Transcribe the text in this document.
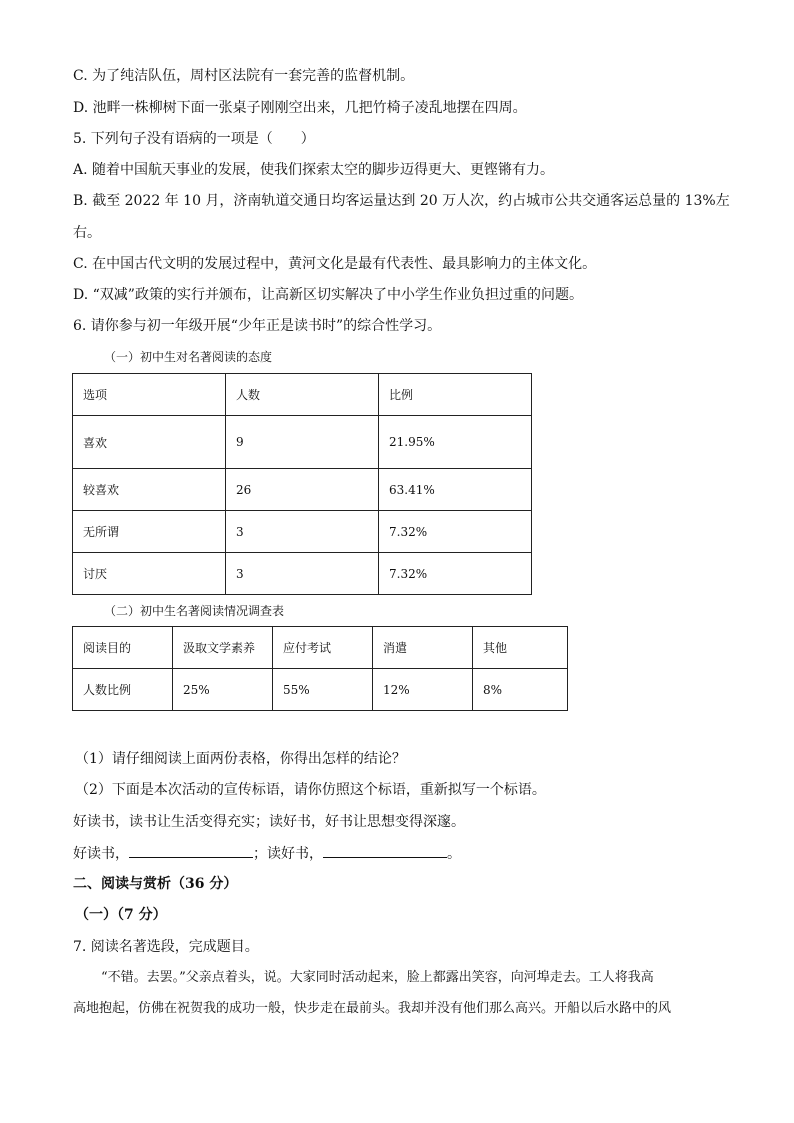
C. 为了纯洁队伍，周村区法院有一套完善的监督机制。
D. 池畔一株柳树下面一张桌子刚刚空出来，几把竹椅子凌乱地摆在四周。
5. 下列句子没有语病的一项是（　　）
A. 随着中国航天事业的发展，使我们探索太空的脚步迈得更大、更铿锵有力。
B. 截至 2022 年 10 月，济南轨道交通日均客运量达到 20 万人次，约占城市公共交通客运总量的 13%左
右。
C. 在中国古代文明的发展过程中，黄河文化是最有代表性、最具影响力的主体文化。
D. “双减”政策的实行并颁布，让高新区切实解决了中小学生作业负担过重的问题。
6. 请你参与初一年级开展“少年正是读书时”的综合性学习。
（一）初中生对名著阅读的态度
选项	人数	比例
喜欢	9	21.95%
较喜欢	26	63.41%
无所谓	3	7.32%
讨厌	3	7.32%
（二）初中生名著阅读情况调查表
阅读目的	汲取文学素养	应付考试	消遣	其他
人数比例	25%	55%	12%	8%
（1）请仔细阅读上面两份表格，你得出怎样的结论？
（2）下面是本次活动的宣传标语，请你仿照这个标语，重新拟写一个标语。
好读书，读书让生活变得充实；读好书，好书让思想变得深邃。
好读书，	；读好书，	。
二、阅读与赏析（36 分）
（一）（7 分）
7. 阅读名著选段，完成题目。
“不错。去罢。”父亲点着头，说。大家同时活动起来，脸上都露出笑容，向河埠走去。工人将我高
高地抱起，仿佛在祝贺我的成功一般，快步走在最前头。我却并没有他们那么高兴。开船以后水路中的风
